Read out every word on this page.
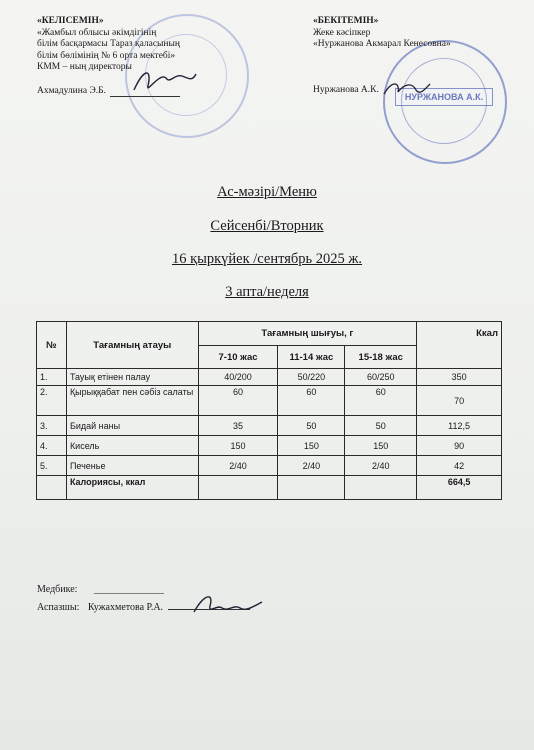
НУРЖАНОВА А.К.
«КЕЛІСЕМІН»
«Жамбыл облысы әкімдігінің
білім басқармасы Тараз қаласының
білім бөлімінің № 6 орта мектебі»
КММ – ның директоры
Ахмадулина Э.Б.
«БЕКІТЕМІН»
Жеке кәсіпкер
«Нуржанова Акмарал Кенесовна»
Нуржанова А.К.
Ас-мәзірі/Меню
Сейсенбі/Вторник
16 қыркүйек /сентябрь 2025 ж.
3 апта/неделя
№	Тағамның атауы	Тағамның шығуы, г			Ккал
		7-10 жас	11-14 жас	15-18 жас	
1.	Тауық етінен палау	40/200	50/220	60/250	350
2.	Қырыққабат пен сәбіз салаты	60	60	60	70
3.	Бидай наны	35	50	50	112,5
4.	Кисель	150	150	150	90
5.	Печенье	2/40	2/40	2/40	42
	Калориясы, ккал				664,5
Медбике: ______________
Аспазшы: Кужахметова Р.А.
